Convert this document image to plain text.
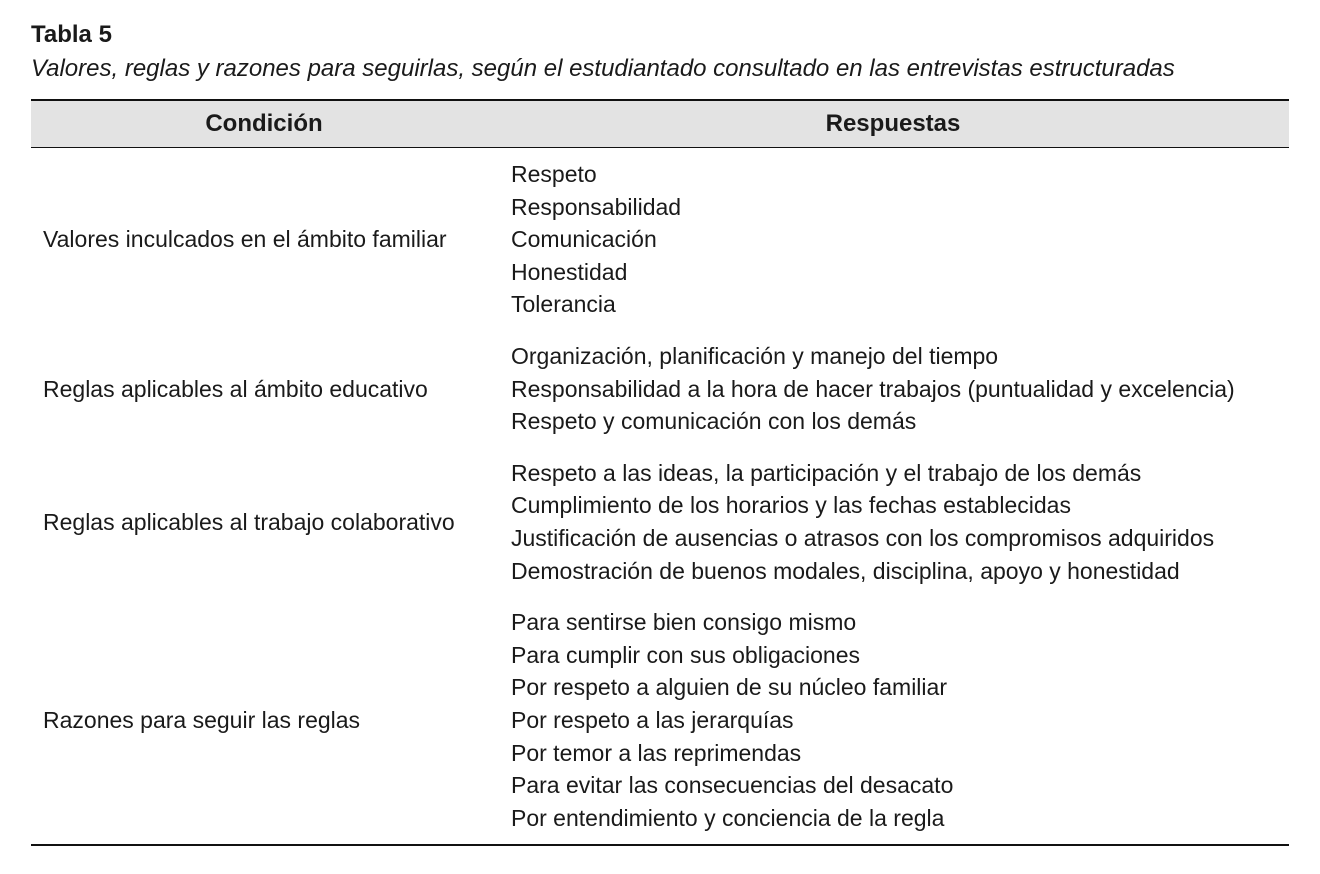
Tabla 5

Valores, reglas y razones para seguirlas, según el estudiantado consultado en las entrevistas estructuradas

Condición	Respuestas
Valores inculcados en el ámbito familiar
Respeto
Responsabilidad
Comunicación
Honestidad
Tolerancia
Reglas aplicables al ámbito educativo
Organización, planificación y manejo del tiempo
Responsabilidad a la hora de hacer trabajos (puntualidad y excelencia)
Respeto y comunicación con los demás
Reglas aplicables al trabajo colaborativo
Respeto a las ideas, la participación y el trabajo de los demás
Cumplimiento de los horarios y las fechas establecidas
Justificación de ausencias o atrasos con los compromisos adquiridos
Demostración de buenos modales, disciplina, apoyo y honestidad
Razones para seguir las reglas
Para sentirse bien consigo mismo
Para cumplir con sus obligaciones
Por respeto a alguien de su núcleo familiar
Por respeto a las jerarquías
Por temor a las reprimendas
Para evitar las consecuencias del desacato
Por entendimiento y conciencia de la regla
